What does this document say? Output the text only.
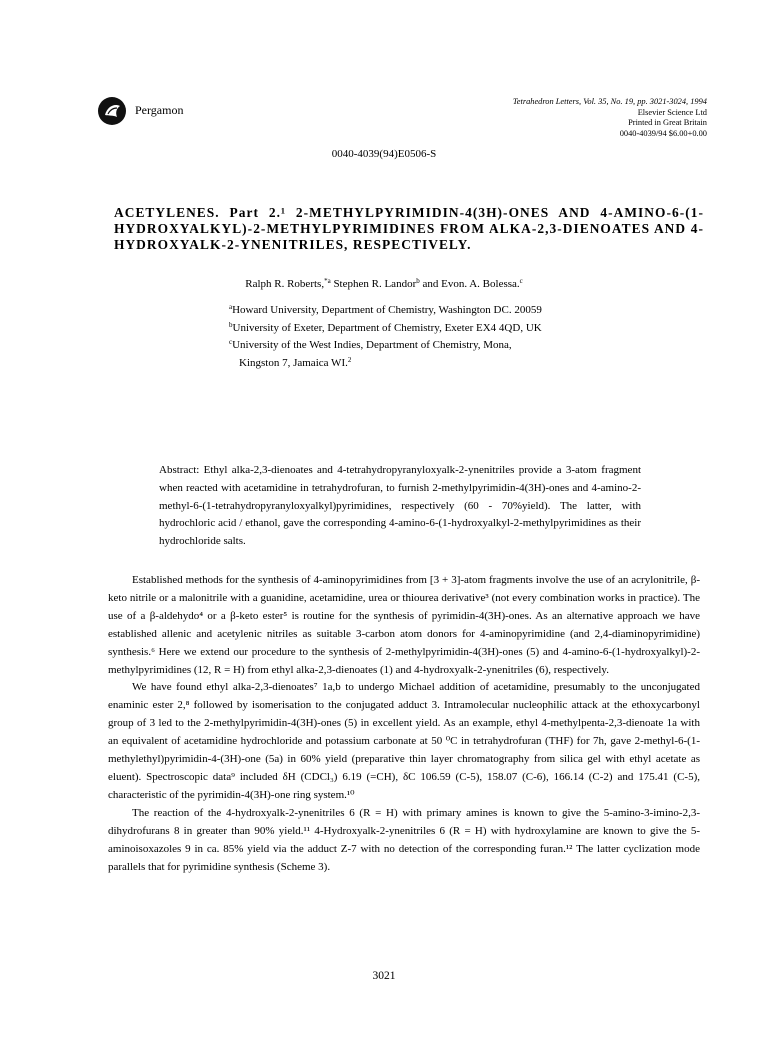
Pergamon
Tetrahedron Letters, Vol. 35, No. 19, pp. 3021-3024, 1994
Elsevier Science Ltd
Printed in Great Britain
0040-4039/94 $6.00+0.00
0040-4039(94)E0506-S
ACETYLENES. Part 2.¹ 2-METHYLPYRIMIDIN-4(3H)-ONES AND 4-AMINO-6-(1-HYDROXYALKYL)-2-METHYLPYRIMIDINES FROM ALKA-2,3-DIENOATES AND 4-HYDROXYALK-2-YNENITRILES, RESPECTIVELY.
Ralph R. Roberts,$^{*a}$ Stephen R. Landor$^b$ and Evon. A. Bolessa.$^c$
$^a$Howard University, Department of Chemistry, Washington DC. 20059
$^b$University of Exeter, Department of Chemistry, Exeter EX4 4QD, UK
$^c$University of the West Indies, Department of Chemistry, Mona,
Kingston 7, Jamaica WI.$^2$

Abstract: Ethyl alka-2,3-dienoates and 4-tetrahydropyranyloxyalk-2-ynenitriles provide a 3-atom fragment when reacted with acetamidine in tetrahydrofuran, to furnish 2-methylpyrimidin-4(3H)-ones and 4-amino-2-methyl-6-(1-tetrahydropyranyloxyalkyl)pyrimidines, respectively (60 - 70%yield). The latter, with hydrochloric acid / ethanol, gave the corresponding 4-amino-6-(1-hydroxyalkyl-2-methylpyrimidines as their hydrochloride salts.

Established methods for the synthesis of 4-aminopyrimidines from [3 + 3]-atom fragments involve the use of an acrylonitrile, β-keto nitrile or a malonitrile with a guanidine, acetamidine, urea or thiourea derivative³ (not every combination works in practice). The use of a β-aldehydo⁴ or a β-keto ester⁵ is routine for the synthesis of pyrimidin-4(3H)-ones. As an alternative approach we have established allenic and acetylenic nitriles as suitable 3-carbon atom donors for 4-aminopyrimidine (and 2,4-diaminopyrimidine) synthesis.⁶ Here we extend our procedure to the synthesis of 2-methylpyrimidin-4(3H)-ones (5) and 4-amino-6-(1-hydroxyalkyl)-2-methylpyrimidines (12, R = H) from ethyl alka-2,3-dienoates (1) and 4-hydroxyalk-2-ynenitriles (6), respectively.

We have found ethyl alka-2,3-dienoates⁷ 1a,b to undergo Michael addition of acetamidine, presumably to the unconjugated enaminic ester 2,⁸ followed by isomerisation to the conjugated adduct 3. Intramolecular nucleophilic attack at the ethoxycarbonyl group of 3 led to the 2-methylpyrimidin-4(3H)-ones (5) in excellent yield. As an example, ethyl 4-methylpenta-2,3-dienoate 1a with an equivalent of acetamidine hydrochloride and potassium carbonate at 50 ⁰C in tetrahydrofuran (THF) for 7h, gave 2-methyl-6-(1-methylethyl)pyrimidin-4-(3H)-one (5a) in 60% yield (preparative thin layer chromatography from silica gel with ethyl acetate as eluent). Spectroscopic data⁹ included δH (CDCl₃) 6.19 (=CH), δC 106.59 (C-5), 158.07 (C-6), 166.14 (C-2) and 175.41 (C-5), characteristic of the pyrimidin-4(3H)-one ring system.¹⁰

The reaction of the 4-hydroxyalk-2-ynenitriles 6 (R = H) with primary amines is known to give the 5-amino-3-imino-2,3-dihydrofurans 8 in greater than 90% yield.¹¹ 4-Hydroxyalk-2-ynenitriles 6 (R = H) with hydroxylamine are known to give the 5-aminoisoxazoles 9 in ca. 85% yield via the adduct Z-7 with no detection of the corresponding furan.¹² The latter cyclization mode parallels that for pyrimidine synthesis (Scheme 3).

3021
